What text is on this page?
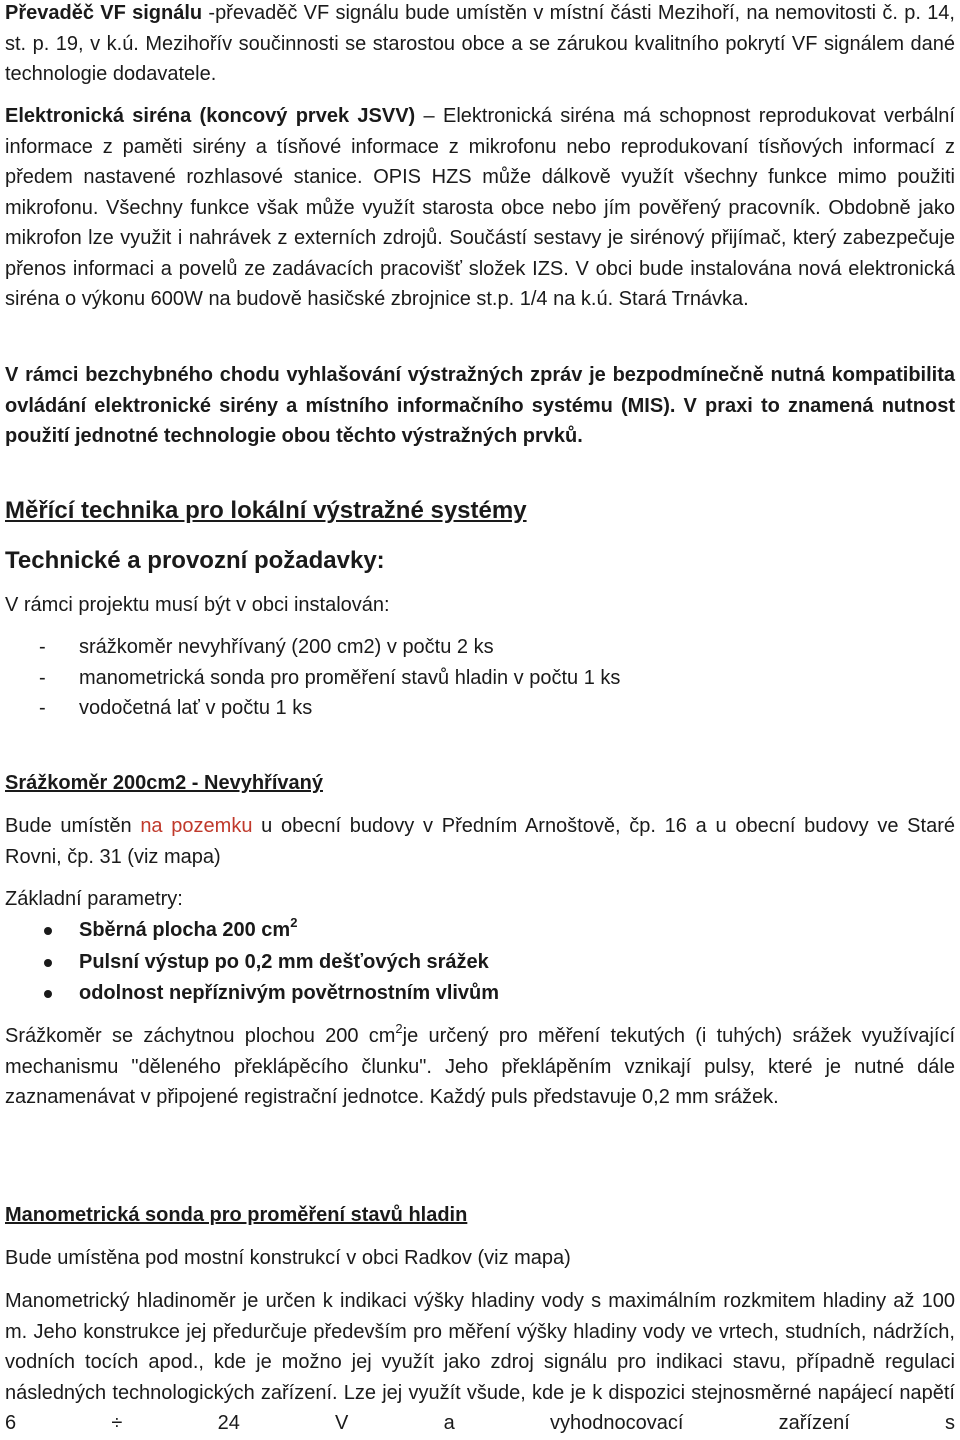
Převaděč VF signálu -převaděč VF signálu bude umístěn v místní části Mezihoří, na nemovitosti č. p. 14, st. p. 19, v k.ú. Mezihořív součinnosti se starostou obce a se zárukou kvalitního pokrytí VF signálem dané technologie dodavatele.

Elektronická siréna (koncový prvek JSVV) – Elektronická siréna má schopnost reprodukovat verbální informace z paměti sirény a tísňové informace z mikrofonu nebo reprodukovaní tísňových informací z předem nastavené rozhlasové stanice. OPIS HZS může dálkově využít všechny funkce mimo použiti mikrofonu. Všechny funkce však může využít starosta obce nebo jím pověřený pracovník. Obdobně jako mikrofon lze využit i nahrávek z externích zdrojů. Součástí sestavy je sirénový přijímač, který zabezpečuje přenos informaci a povelů ze zadávacích pracovišť složek IZS. V obci bude instalována nová elektronická siréna o výkonu 600W na budově hasičské zbrojnice st.p. 1/4 na k.ú. Stará Trnávka.

V rámci bezchybného chodu vyhlašování výstražných zpráv je bezpodmínečně nutná kompatibilita ovládání elektronické sirény a místního informačního systému (MIS). V praxi to znamená nutnost použití jednotné technologie obou těchto výstražných prvků.

Měřící technika pro lokální výstražné systémy
Technické a provozní požadavky:

V rámci projektu musí být v obci instalován:

- srážkoměr nevyhřívaný (200 cm2) v počtu 2 ks
- manometrická sonda pro proměření stavů hladin v počtu 1 ks
- vodočetná lať v počtu 1 ks
Srážkoměr 200cm2 - Nevyhřívaný

Bude umístěn na pozemku u obecní budovy v Předním Arnoštově, čp. 16 a u obecní budovy ve Staré Rovni, čp. 31 (viz mapa)

Základní parametry:

Sběrná plocha 200 $cm^2$
Pulsní výstup po 0,2 mm dešťových srážek
odolnost nepříznivým povětrnostním vlivům

Srážkoměr se záchytnou plochou 200 $cm^2je$ určený pro měření tekutých (i tuhých) srážek využívající mechanismu "děleného překlápěcího člunku". Jeho překlápěním vznikají pulsy, které je nutné dále zaznamenávat v připojené registrační jednotce. Každý puls představuje 0,2 mm srážek.

Manometrická sonda pro proměření stavů hladin

Bude umístěna pod mostní konstrukcí v obci Radkov (viz mapa)

Manometrický hladinoměr je určen k indikaci výšky hladiny vody s maximálním rozkmitem hladiny až 100 m. Jeho konstrukce jej předurčuje především pro měření výšky hladiny vody ve vrtech, studních, nádržích, vodních tocích apod., kde je možno jej využít jako zdroj signálu pro indikaci stavu, případně regulaci následných technologických zařízení. Lze jej využít všude, kde je k dispozici stejnosměrné napájecí napětí 6 ÷ 24 V a vyhodnocovací zařízení s
